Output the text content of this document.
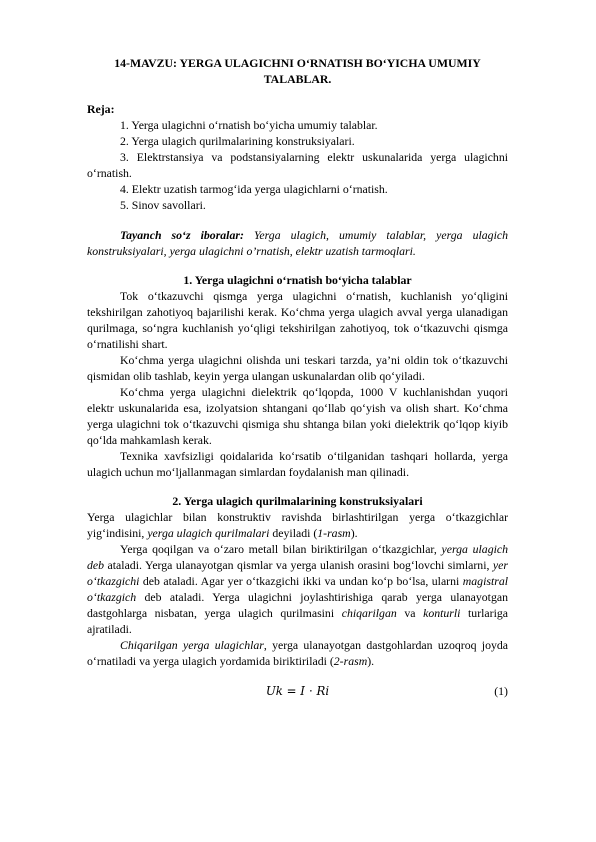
14-MAVZU: YERGA ULAGICHNI O‘RNATISH BO‘YICHA UMUMIY TALABLAR.
Reja:

1. Yerga ulagichni o‘rnatish bo‘yicha umumiy talablar.

2. Yerga ulagich qurilmalarining konstruksiyalari.

3. Elektrstansiya va podstansiyalarning elektr uskunalarida yerga ulagichni o‘rnatish.

4. Elektr uzatish tarmog‘ida yerga ulagichlarni o‘rnatish.

5. Sinov savollari.

Tayanch so‘z iboralar: Yerga ulagich, umumiy talablar, yerga ulagich konstruksiyalari, yerga ulagichni o’rnatish, elektr uzatish tarmoqlari.

1. Yerga ulagichni o‘rnatish bo‘yicha talablar

Tok o‘tkazuvchi qismga yerga ulagichni o‘rnatish, kuchlanish yo‘qligini tekshirilgan zahotiyoq bajarilishi kerak. Ko‘chma yerga ulagich avval yerga ulanadigan qurilmaga, so‘ngra kuchlanish yo‘qligi tekshirilgan zahotiyoq, tok o‘tkazuvchi qismga o‘rnatilishi shart.

Ko‘chma yerga ulagichni olishda uni teskari tarzda, ya’ni oldin tok o‘tkazuvchi qismidan olib tashlab, keyin yerga ulangan uskunalardan olib qo‘yiladi.

Ko‘chma yerga ulagichni dielektrik qo‘lqopda, 1000 V kuchlanishdan yuqori elektr uskunalarida esa, izolyatsion shtangani qo‘llab qo‘yish va olish shart. Ko‘chma yerga ulagichni tok o‘tkazuvchi qismiga shu shtanga bilan yoki dielektrik qo‘lqop kiyib qo‘lda mahkamlash kerak.

Texnika xavfsizligi qoidalarida ko‘rsatib o‘tilganidan tashqari hollarda, yerga ulagich uchun mo‘ljallanmagan simlardan foydalanish man qilinadi.

2. Yerga ulagich qurilmalarining konstruksiyalari

Yerga ulagichlar bilan konstruktiv ravishda birlashtirilgan yerga o‘tkazgichlar yig‘indisini, yerga ulagich qurilmalari deyiladi (1-rasm).

Yerga qoqilgan va o‘zaro metall bilan biriktirilgan o‘tkazgichlar, yerga ulagich deb ataladi. Yerga ulanayotgan qismlar va yerga ulanish orasini bog‘lovchi simlarni, yer o‘tkazgichi deb ataladi. Agar yer o‘tkazgichi ikki va undan ko‘p bo‘lsa, ularni magistral o‘tkazgich deb ataladi. Yerga ulagichni joylashtirishiga qarab yerga ulanayotgan dastgohlarga nisbatan, yerga ulagich qurilmasini chiqarilgan va konturli turlariga ajratiladi.

Chiqarilgan yerga ulagichlar, yerga ulanayotgan dastgohlardan uzoqroq joyda o‘rnatiladi va yerga ulagich yordamida biriktiriladi (2-rasm).

𝑈𝑘 = 𝐼 ⋅ 𝑅𝑖	(1)
